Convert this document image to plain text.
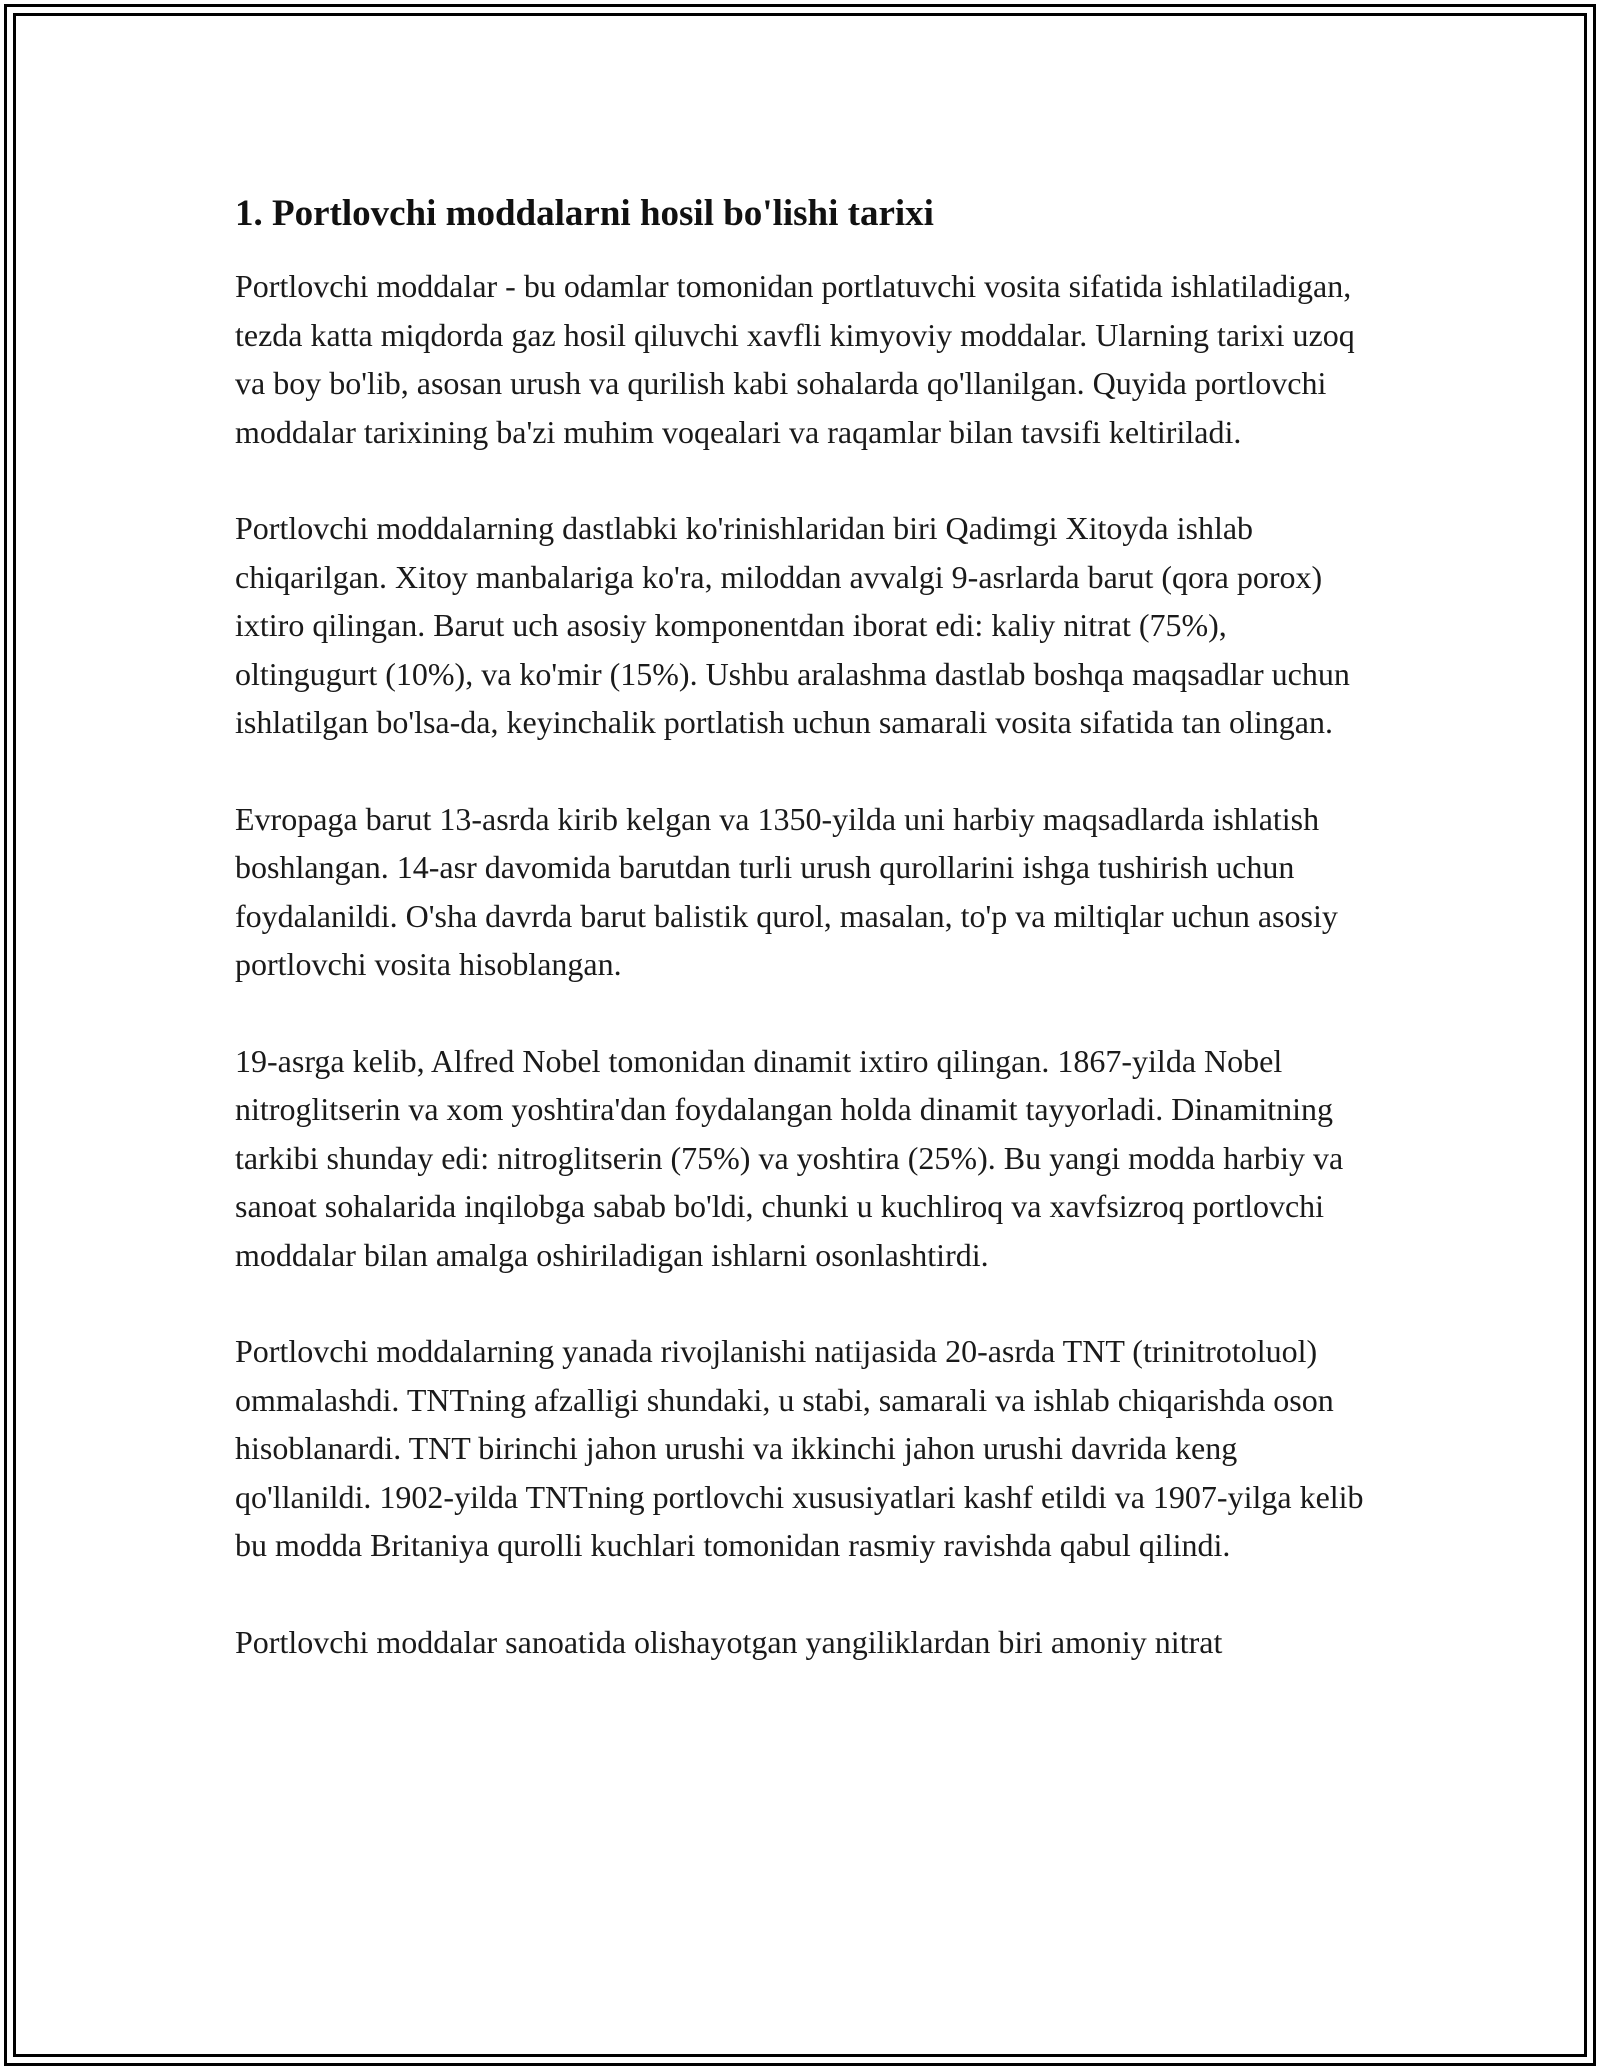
1. Portlovchi moddalarni hosil bo'lishi tarixi

Portlovchi moddalar - bu odamlar tomonidan portlatuvchi vosita sifatida ishlatiladigan, tezda katta miqdorda gaz hosil qiluvchi xavfli kimyoviy moddalar. Ularning tarixi uzoq va boy bo'lib, asosan urush va qurilish kabi sohalarda qo'llanilgan. Quyida portlovchi moddalar tarixining ba'zi muhim voqealari va raqamlar bilan tavsifi keltiriladi.

Portlovchi moddalarning dastlabki ko'rinishlaridan biri Qadimgi Xitoyda ishlab chiqarilgan. Xitoy manbalariga ko'ra, miloddan avvalgi 9-asrlarda barut (qora porox) ixtiro qilingan. Barut uch asosiy komponentdan iborat edi: kaliy nitrat (75%), oltingugurt (10%), va ko'mir (15%). Ushbu aralashma dastlab boshqa maqsadlar uchun ishlatilgan bo'lsa-da, keyinchalik portlatish uchun samarali vosita sifatida tan olingan.

Evropaga barut 13-asrda kirib kelgan va 1350-yilda uni harbiy maqsadlarda ishlatish boshlangan. 14-asr davomida barutdan turli urush qurollarini ishga tushirish uchun foydalanildi. O'sha davrda barut balistik qurol, masalan, to'p va miltiqlar uchun asosiy portlovchi vosita hisoblangan.

19-asrga kelib, Alfred Nobel tomonidan dinamit ixtiro qilingan. 1867-yilda Nobel nitroglitserin va xom yoshtira'dan foydalangan holda dinamit tayyorladi. Dinamitning tarkibi shunday edi: nitroglitserin (75%) va yoshtira (25%). Bu yangi modda harbiy va sanoat sohalarida inqilobga sabab bo'ldi, chunki u kuchliroq va xavfsizroq portlovchi moddalar bilan amalga oshiriladigan ishlarni osonlashtirdi.

Portlovchi moddalarning yanada rivojlanishi natijasida 20-asrda TNT (trinitrotoluol) ommalashdi. TNTning afzalligi shundaki, u stabi, samarali va ishlab chiqarishda oson hisoblanardi. TNT birinchi jahon urushi va ikkinchi jahon urushi davrida keng qo'llanildi. 1902-yilda TNTning portlovchi xususiyatlari kashf etildi va 1907-yilga kelib bu modda Britaniya qurolli kuchlari tomonidan rasmiy ravishda qabul qilindi.

Portlovchi moddalar sanoatida olishayotgan yangiliklardan biri amoniy nitrat
